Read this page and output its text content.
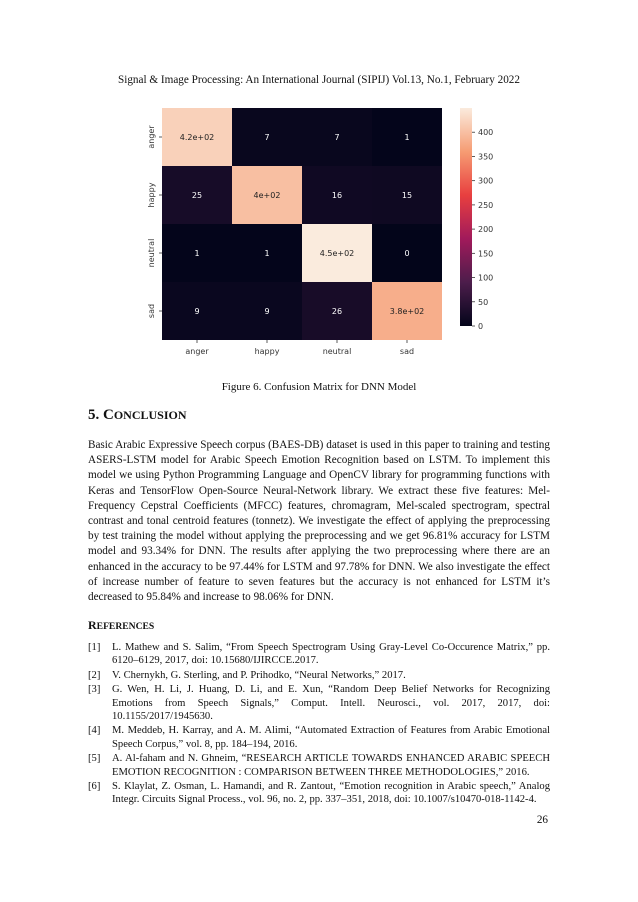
Signal & Image Processing: An International Journal (SIPIJ) Vol.13, No.1, February 2022
4.2e+02	7	7	1
25	4e+02	16	15
1	1	4.5e+02	0
9	9	26	3.8e+02
anger
happy
neutral
sad
anger	happy	neutral	sad
0
50
100
150
200
250
300
350
400
Figure 6. Confusion Matrix for DNN Model
5. CONCLUSION
Basic Arabic Expressive Speech corpus (BAES-DB) dataset is used in this paper to training and testing ASERS-LSTM model for Arabic Speech Emotion Recognition based on LSTM. To implement this model we using Python Programming Language and OpenCV library for programming functions with Keras and TensorFlow Open-Source Neural-Network library. We extract these five features: Mel-Frequency Cepstral Coefficients (MFCC) features, chromagram, Mel-scaled spectrogram, spectral contrast and tonal centroid features (tonnetz). We investigate the effect of applying the preprocessing by test training the model without applying the preprocessing and we get 96.81% accuracy for LSTM model and 93.34% for DNN. The results after applying the two preprocessing where there are an enhanced in the accuracy to be 97.44% for LSTM and 97.78% for DNN. We also investigate the effect of increase number of feature to seven features but the accuracy is not enhanced for LSTM it’s decreased to 95.84% and increase to 98.06% for DNN.
REFERENCES
[1]	L. Mathew and S. Salim, “From Speech Spectrogram Using Gray-Level Co-Occurence Matrix,” pp. 6120–6129, 2017, doi: 10.15680/IJIRCCE.2017.
[2]	V. Chernykh, G. Sterling, and P. Prihodko, “Neural Networks,” 2017.
[3]	G. Wen, H. Li, J. Huang, D. Li, and E. Xun, “Random Deep Belief Networks for Recognizing Emotions from Speech Signals,” Comput. Intell. Neurosci., vol. 2017, 2017, doi: 10.1155/2017/1945630.
[4]	M. Meddeb, H. Karray, and A. M. Alimi, “Automated Extraction of Features from Arabic Emotional Speech Corpus,” vol. 8, pp. 184–194, 2016.
[5]	A. Al-faham and N. Ghneim, “RESEARCH ARTICLE TOWARDS ENHANCED ARABIC SPEECH EMOTION RECOGNITION : COMPARISON BETWEEN THREE METHODOLOGIES,” 2016.
[6]	S. Klaylat, Z. Osman, L. Hamandi, and R. Zantout, “Emotion recognition in Arabic speech,” Analog Integr. Circuits Signal Process., vol. 96, no. 2, pp. 337–351, 2018, doi: 10.1007/s10470-018-1142-4.
26
